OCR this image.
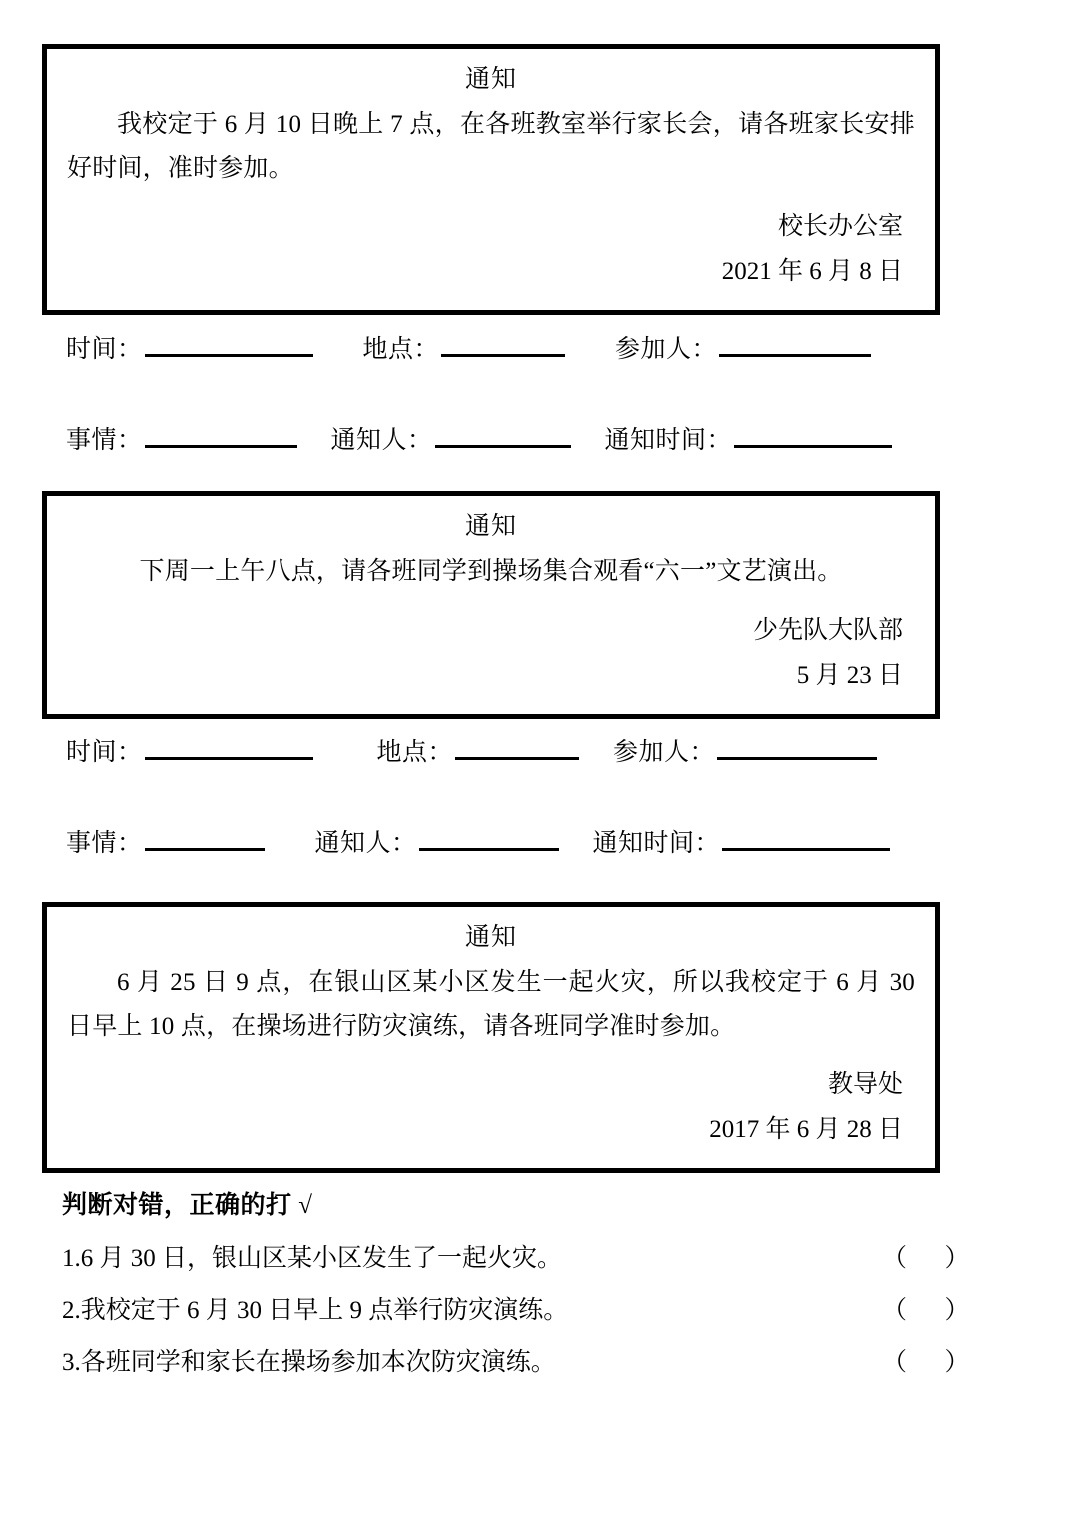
通知
我校定于 6 月 10 日晚上 7 点，在各班教室举行家长会，请各班家长安排好时间，准时参加。
校长办公室
2021 年 6 月 8 日
时间：	地点：	参加人：
事情：	通知人：	通知时间：
通知
下周一上午八点，请各班同学到操场集合观看“六一”文艺演出。
少先队大队部
5 月 23 日
时间：	地点：	参加人：
事情：	通知人：	通知时间：
通知
6 月 25 日 9 点，在银山区某小区发生一起火灾，所以我校定于 6 月 30 日早上 10 点，在操场进行防灾演练，请各班同学准时参加。
教导处
2017 年 6 月 28 日
判断对错，正确的打 √
1. 6 月 30 日，银山区某小区发生了一起火灾。	（      ）
2. 我校定于 6 月 30 日早上 9 点举行防灾演练。	（      ）
3. 各班同学和家长在操场参加本次防灾演练。	（      ）
